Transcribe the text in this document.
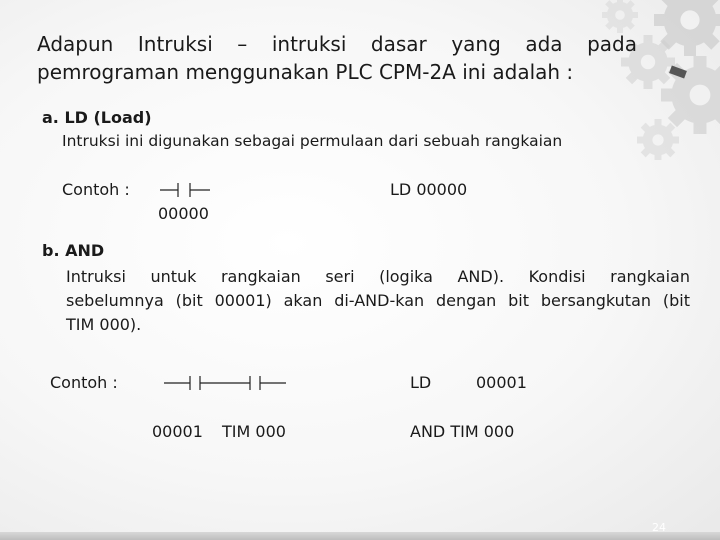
Adapun Intruksi – intruksi dasar yang ada pada
pemrograman menggunakan PLC CPM-2A ini adalah :
a. LD (Load)
Intruksi ini digunakan sebagai permulaan dari sebuah rangkaian
Contoh :
00000
LD 00000
b. AND
Intruksi untuk rangkaian seri (logika AND). Kondisi rangkaian
sebelumnya (bit 00001) akan di-AND-kan dengan bit bersangkutan (bit
TIM 000).
Contoh :
00001 TIM 000
LD	00001
AND TIM 000
24
